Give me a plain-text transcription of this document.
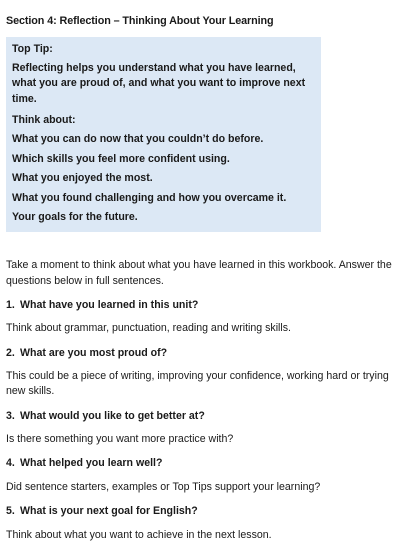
Section 4: Reflection – Thinking About Your Learning
Top Tip:
Reflecting helps you understand what you have learned, what you are proud of, and what you want to improve next time.
Think about:
What you can do now that you couldn’t do before.
Which skills you feel more confident using.
What you enjoyed the most.
What you found challenging and how you overcame it.
Your goals for the future.
Take a moment to think about what you have learned in this workbook. Answer the questions below in full sentences.
1. What have you learned in this unit?
Think about grammar, punctuation, reading and writing skills.
2. What are you most proud of?
This could be a piece of writing, improving your confidence, working hard or trying new skills.
3. What would you like to get better at?
Is there something you want more practice with?
4. What helped you learn well?
Did sentence starters, examples or Top Tips support your learning?
5. What is your next goal for English?
Think about what you want to achieve in the next lesson.
